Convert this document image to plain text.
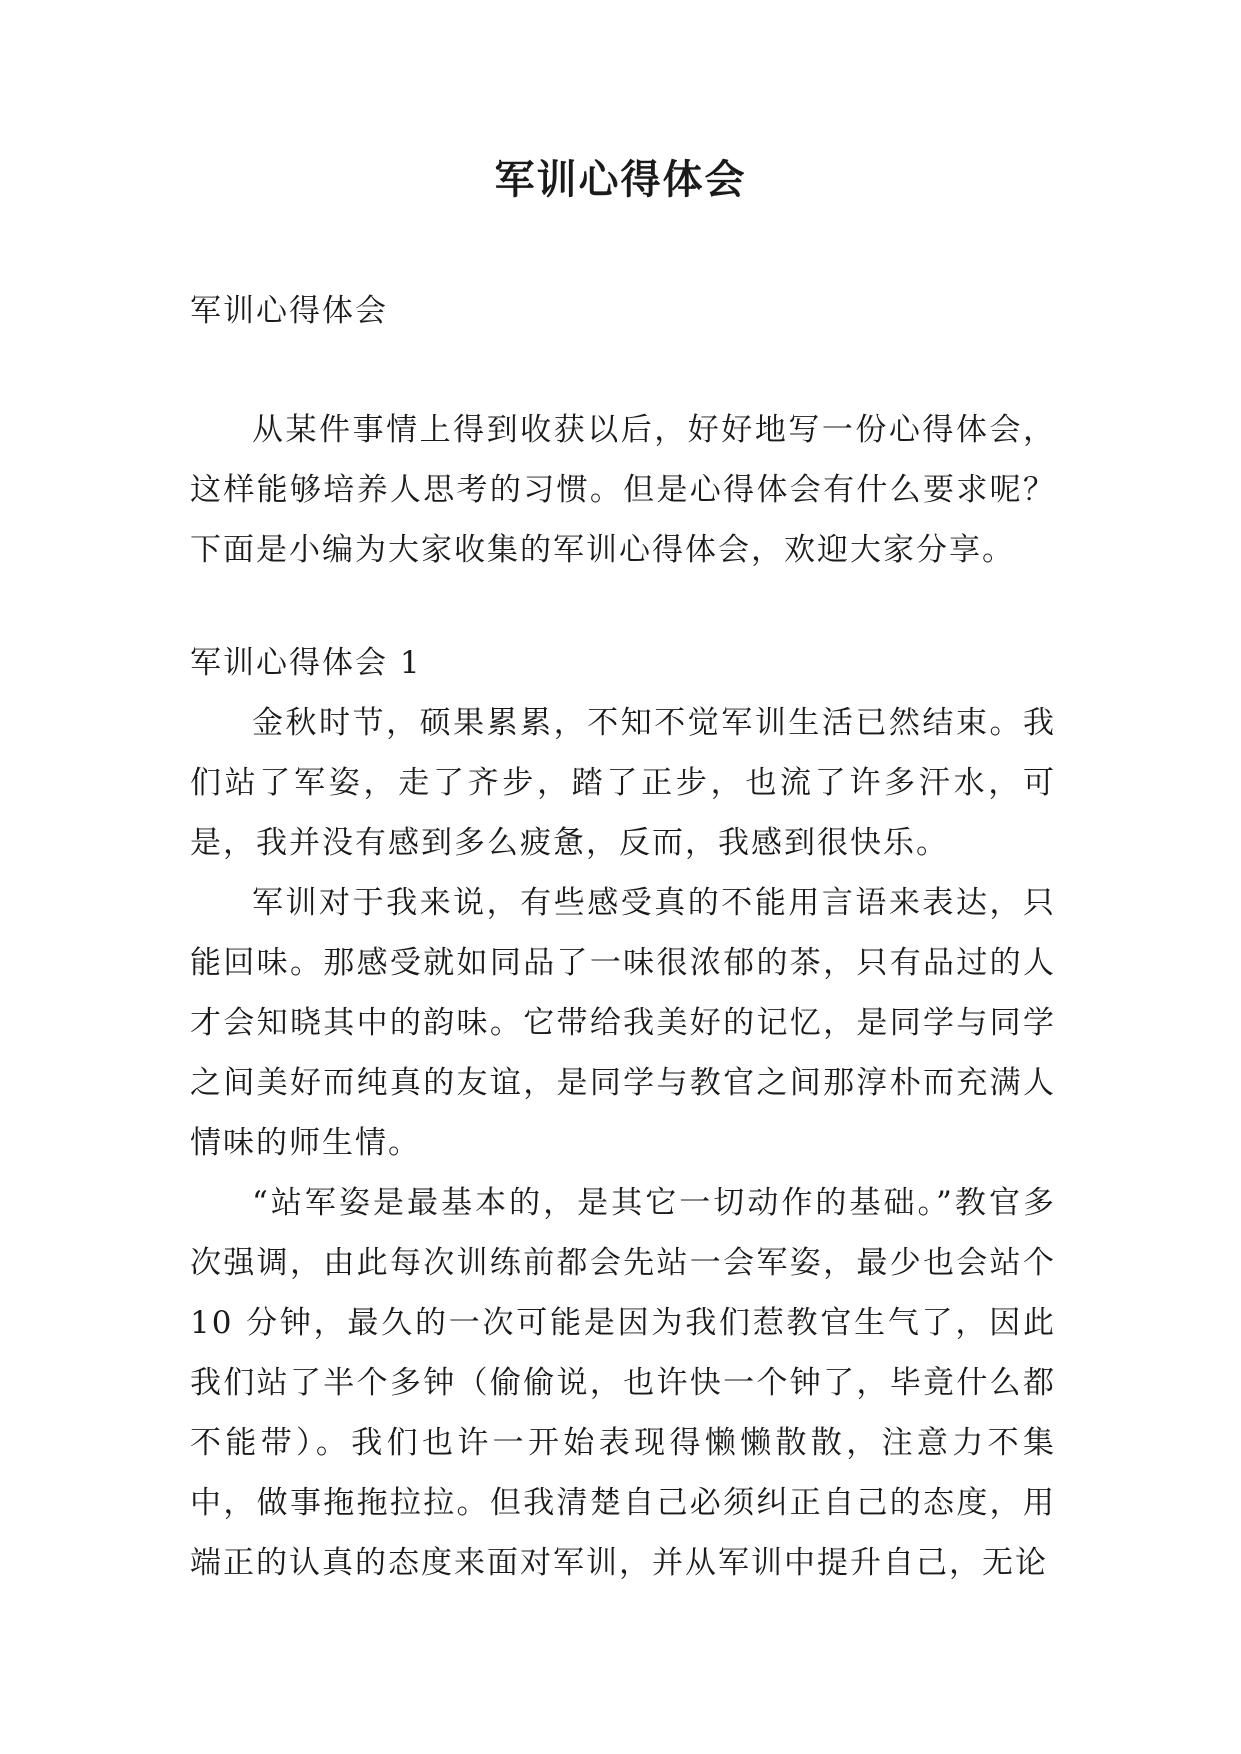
军训心得体会
军训心得体会

从某件事情上得到收获以后，好好地写一份心得体会，这样能够培养人思考的习惯。但是心得体会有什么要求呢？下面是小编为大家收集的军训心得体会，欢迎大家分享。

军训心得体会 1

金秋时节，硕果累累，不知不觉军训生活已然结束。我们站了军姿，走了齐步，踏了正步，也流了许多汗水，可是，我并没有感到多么疲惫，反而，我感到很快乐。

军训对于我来说，有些感受真的不能用言语来表达，只能回味。那感受就如同品了一味很浓郁的茶，只有品过的人才会知晓其中的韵味。它带给我美好的记忆，是同学与同学之间美好而纯真的友谊，是同学与教官之间那淳朴而充满人情味的师生情。

“站军姿是最基本的，是其它一切动作的基础。”教官多次强调，由此每次训练前都会先站一会军姿，最少也会站个 10 分钟，最久的一次可能是因为我们惹教官生气了，因此我们站了半个多钟（偷偷说，也许快一个钟了，毕竟什么都不能带）。我们也许一开始表现得懒懒散散，注意力不集中，做事拖拖拉拉。但我清楚自己必须纠正自己的态度，用端正的认真的态度来面对军训，并从军训中提升自己，无论
